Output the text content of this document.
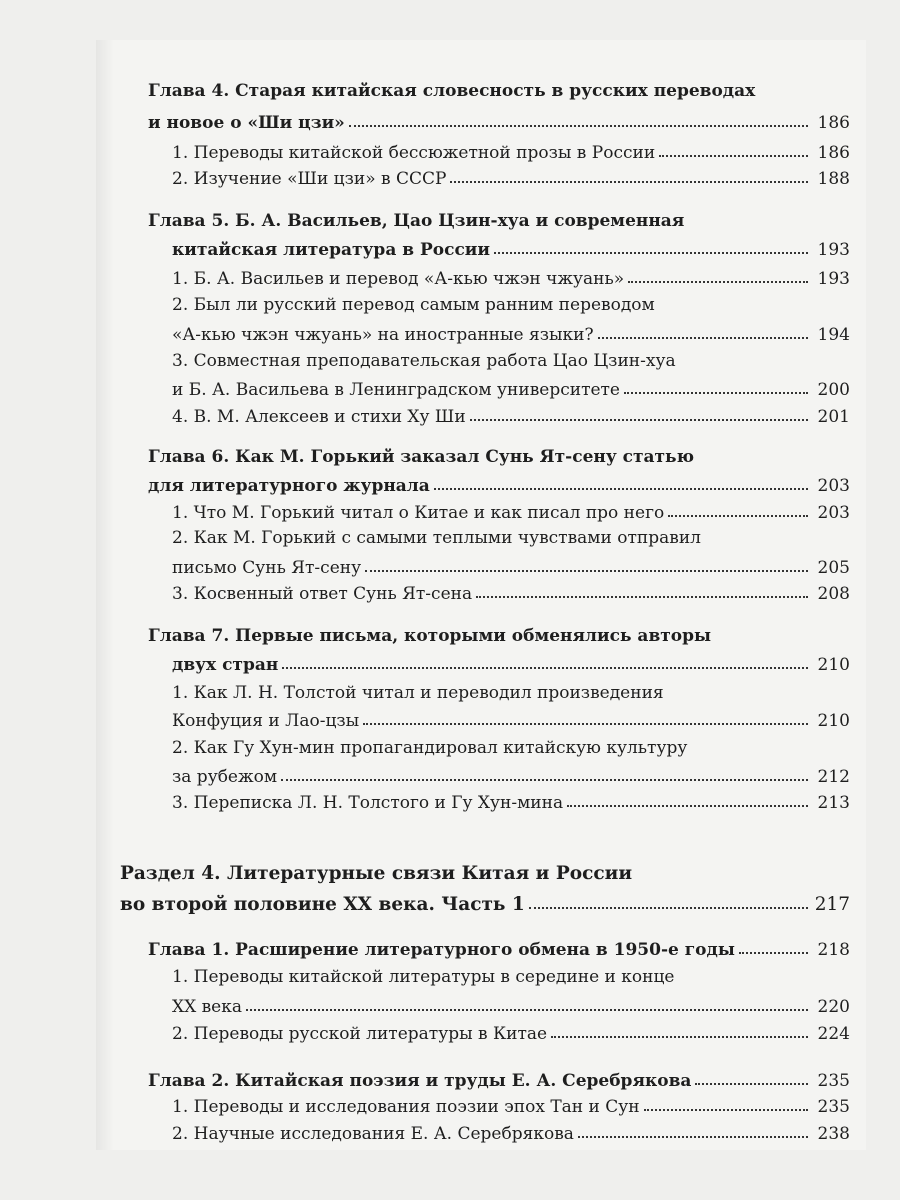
Глава 4. Старая китайская словесность в русских переводах
и новое о «Ши цзи»	186
1. Переводы китайской бессюжетной прозы в России	186
2. Изучение «Ши цзи» в СССР	188
Глава 5. Б. А. Васильев, Цао Цзин-хуа и современная
китайская литература в России	193
1. Б. А. Васильев и перевод «А-кью чжэн чжуань»	193
2. Был ли русский перевод самым ранним переводом
«А-кью чжэн чжуань» на иностранные языки?	194
3. Совместная преподавательская работа Цао Цзин-хуа
и Б. А. Васильева в Ленинградском университете	200
4. В. М. Алексеев и стихи Ху Ши	201
Глава 6. Как М. Горький заказал Сунь Ят-сену статью
для литературного журнала	203
1. Что М. Горький читал о Китае и как писал про него	203
2. Как М. Горький с самыми теплыми чувствами отправил
письмо Сунь Ят-сену	205
3. Косвенный ответ Сунь Ят-сена	208
Глава 7. Первые письма, которыми обменялись авторы
двух стран	210
1. Как Л. Н. Толстой читал и переводил произведения
Конфуция и Лао-цзы	210
2. Как Гу Хун-мин пропагандировал китайскую культуру
за рубежом	212
3. Переписка Л. Н. Толстого и Гу Хун-мина	213
Раздел 4. Литературные связи Китая и России
во второй половине XX века. Часть 1	217
Глава 1. Расширение литературного обмена в 1950-е годы	218
1. Переводы китайской литературы в середине и конце
XX века	220
2. Переводы русской литературы в Китае	224
Глава 2. Китайская поэзия и труды Е. А. Серебрякова	235
1. Переводы и исследования поэзии эпох Тан и Сун	235
2. Научные исследования Е. А. Серебрякова	238
